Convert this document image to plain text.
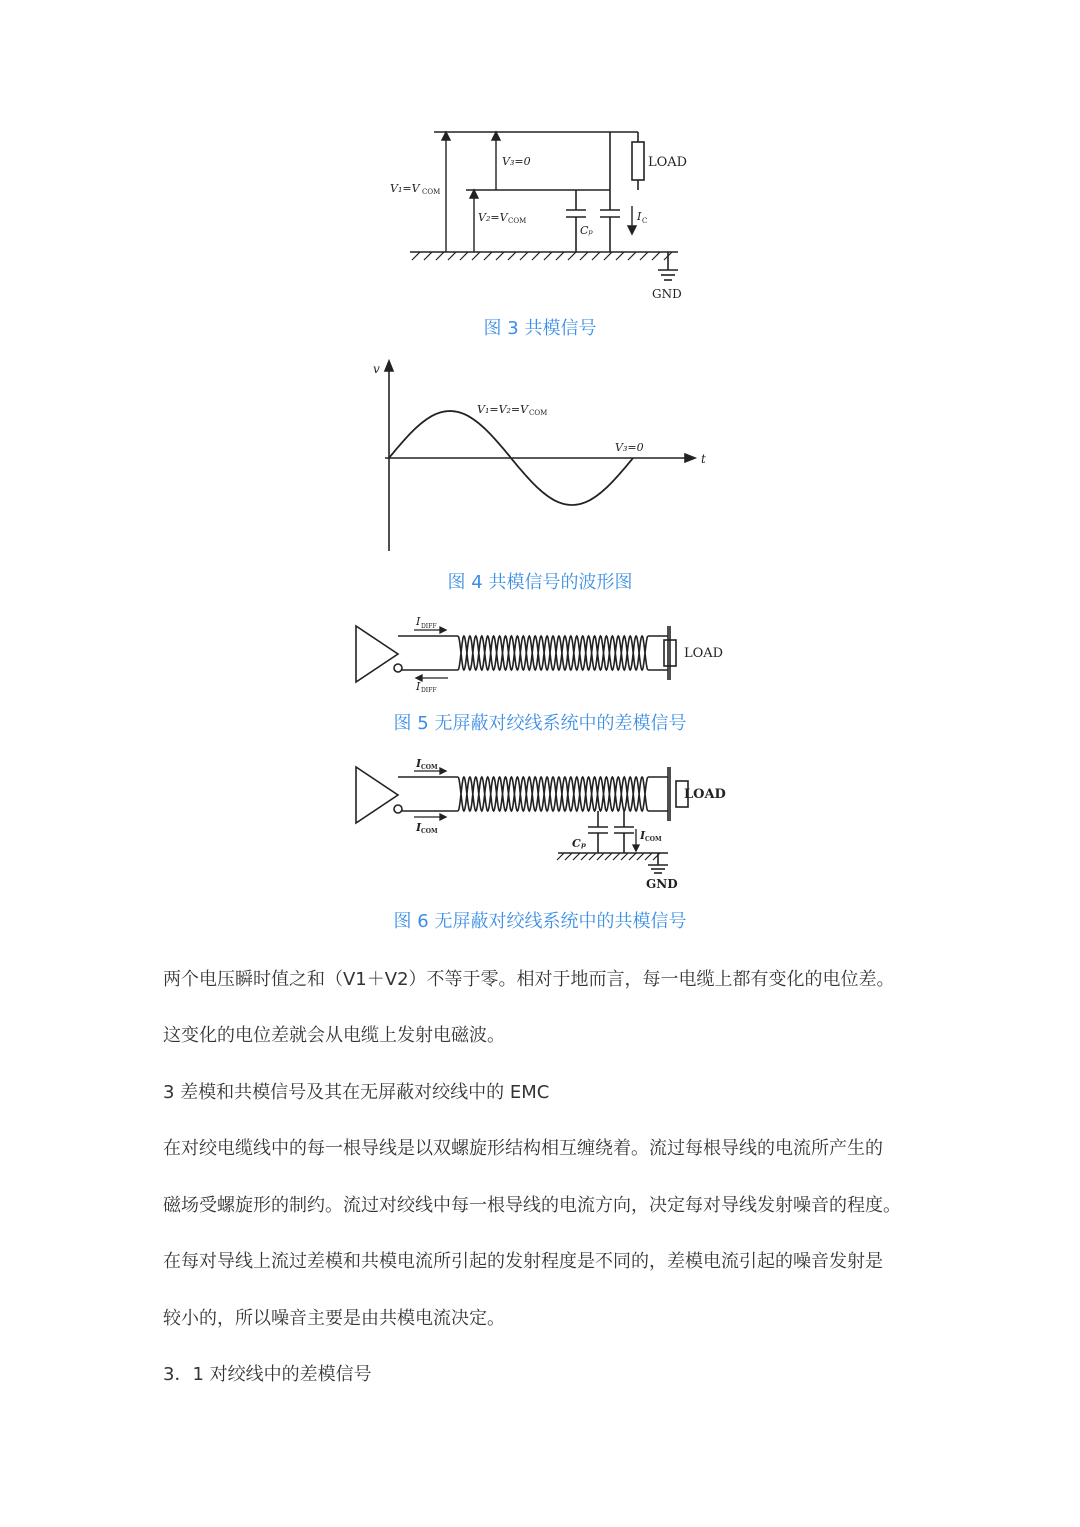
V₁=V COM
V₃=0
V₂=V COM
Cₚ
I C
LOAD
GND
图 3 共模信号
v
t
V₁=V₂=V COM
V₃=0
图 4 共模信号的波形图
I DIFF
I DIFF
LOAD
图 5 无屏蔽对绞线系统中的差模信号
I COM
I COM
Cₚ
I COM
LOAD
GND
图 6 无屏蔽对绞线系统中的共模信号

两个电压瞬时值之和（V1＋V2）不等于零。相对于地而言，每一电缆上都有变化的电位差。

这变化的电位差就会从电缆上发射电磁波。

3 差模和共模信号及其在无屏蔽对绞线中的 EMC

在对绞电缆线中的每一根导线是以双螺旋形结构相互缠绕着。流过每根导线的电流所产生的

磁场受螺旋形的制约。流过对绞线中每一根导线的电流方向，决定每对导线发射噪音的程度。

在每对导线上流过差模和共模电流所引起的发射程度是不同的，差模电流引起的噪音发射是

较小的，所以噪音主要是由共模电流决定。

3．1 对绞线中的差模信号
